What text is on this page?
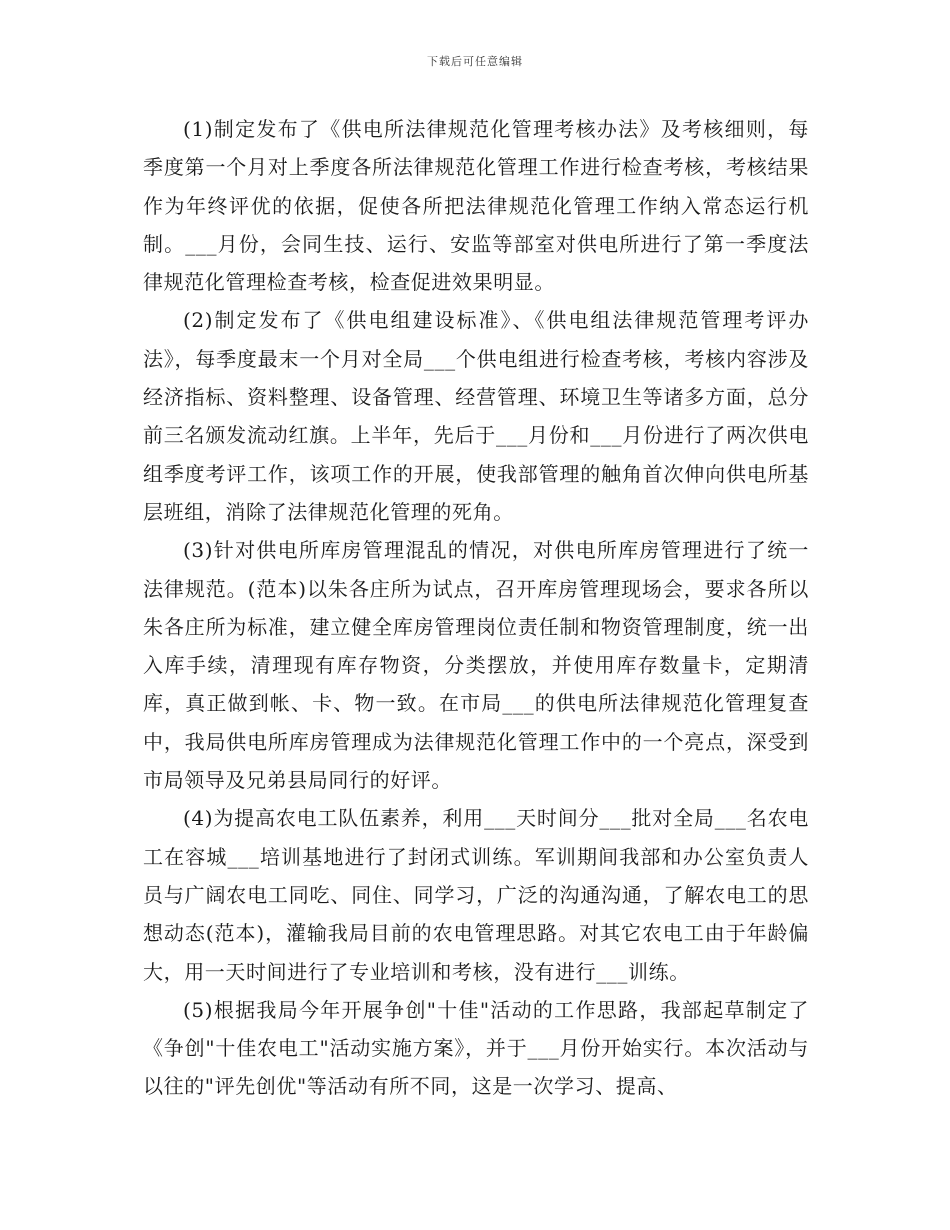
下载后可任意编辑

(1)制定发布了《供电所法律规范化管理考核办法》及考核细则，每季度第一个月对上季度各所法律规范化管理工作进行检查考核，考核结果作为年终评优的依据，促使各所把法律规范化管理工作纳入常态运行机制。___月份，会同生技、运行、安监等部室对供电所进行了第一季度法律规范化管理检查考核，检查促进效果明显。

(2)制定发布了《供电组建设标准》、《供电组法律规范管理考评办法》，每季度最末一个月对全局___个供电组进行检查考核，考核内容涉及经济指标、资料整理、设备管理、经营管理、环境卫生等诸多方面，总分前三名颁发流动红旗。上半年，先后于___月份和___月份进行了两次供电组季度考评工作，该项工作的开展，使我部管理的触角首次伸向供电所基层班组，消除了法律规范化管理的死角。

(3)针对供电所库房管理混乱的情况，对供电所库房管理进行了统一法律规范。(范本)以朱各庄所为试点，召开库房管理现场会，要求各所以朱各庄所为标准，建立健全库房管理岗位责任制和物资管理制度，统一出入库手续，清理现有库存物资，分类摆放，并使用库存数量卡，定期清库，真正做到帐、卡、物一致。在市局___的供电所法律规范化管理复查中，我局供电所库房管理成为法律规范化管理工作中的一个亮点，深受到市局领导及兄弟县局同行的好评。

(4)为提高农电工队伍素养，利用___天时间分___批对全局___名农电工在容城___培训基地进行了封闭式训练。军训期间我部和办公室负责人员与广阔农电工同吃、同住、同学习，广泛的沟通沟通，了解农电工的思想动态(范本)，灌输我局目前的农电管理思路。对其它农电工由于年龄偏大，用一天时间进行了专业培训和考核，没有进行___训练。

(5)根据我局今年开展争创"十佳"活动的工作思路，我部起草制定了《争创"十佳农电工"活动实施方案》，并于___月份开始实行。本次活动与以往的"评先创优"等活动有所不同，这是一次学习、提高、
